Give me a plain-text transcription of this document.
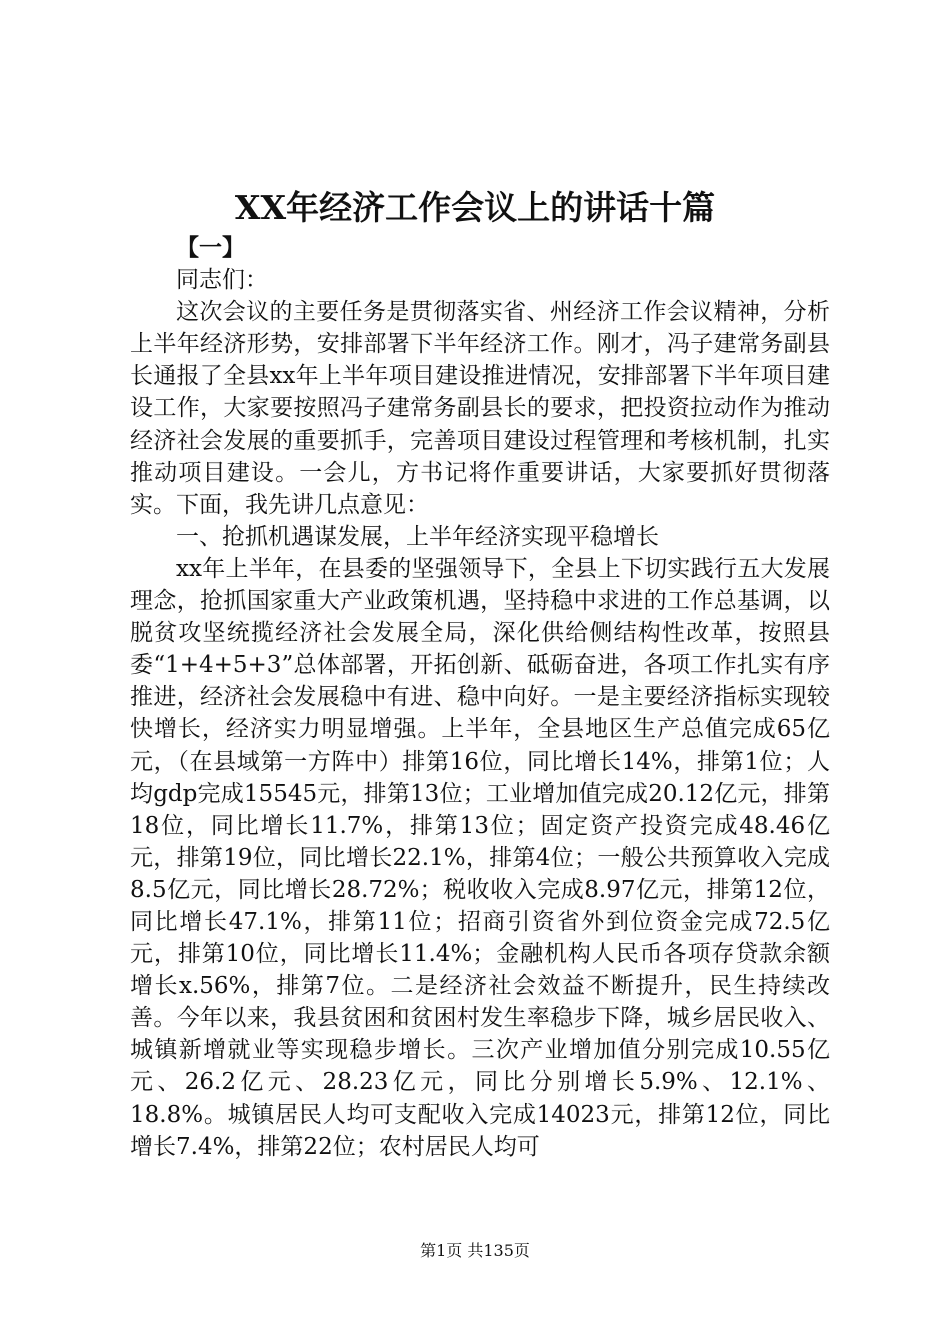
XX年经济工作会议上的讲话十篇

【一】

同志们：

这次会议的主要任务是贯彻落实省、州经济工作会议精神，分析上半年经济形势，安排部署下半年经济工作。刚才，冯子建常务副县长通报了全县xx年上半年项目建设推进情况，安排部署下半年项目建设工作，大家要按照冯子建常务副县长的要求，把投资拉动作为推动经济社会发展的重要抓手，完善项目建设过程管理和考核机制，扎实推动项目建设。一会儿，方书记将作重要讲话，大家要抓好贯彻落实。下面，我先讲几点意见：

一、抢抓机遇谋发展，上半年经济实现平稳增长

xx年上半年，在县委的坚强领导下，全县上下切实践行五大发展理念，抢抓国家重大产业政策机遇，坚持稳中求进的工作总基调，以脱贫攻坚统揽经济社会发展全局，深化供给侧结构性改革，按照县委“1+4+5+3”总体部署，开拓创新、砥砺奋进，各项工作扎实有序推进，经济社会发展稳中有进、稳中向好。一是主要经济指标实现较快增长，经济实力明显增强。上半年，全县地区生产总值完成65亿元，（在县域第一方阵中）排第16位，同比增长14%，排第1位；人均gdp完成15545元，排第13位；工业增加值完成20.12亿元，排第18位，同比增长11.7%，排第13位；固定资产投资完成48.46亿元，排第19位，同比增长22.1%，排第4位；一般公共预算收入完成8.5亿元，同比增长28.72%；税收收入完成8.97亿元，排第12位，同比增长47.1%，排第11位；招商引资省外到位资金完成72.5亿元，排第10位，同比增长11.4%；金融机构人民币各项存贷款余额增长x.56%，排第7位。二是经济社会效益不断提升，民生持续改善。今年以来，我县贫困和贫困村发生率稳步下降，城乡居民收入、城镇新增就业等实现稳步增长。三次产业增加值分别完成10.55亿元、26.2亿元、28.23亿元，同比分别增长5.9%、12.1%、18.8%。城镇居民人均可支配收入完成14023元，排第12位，同比增长7.4%，排第22位；农村居民人均可

第1页 共135页
